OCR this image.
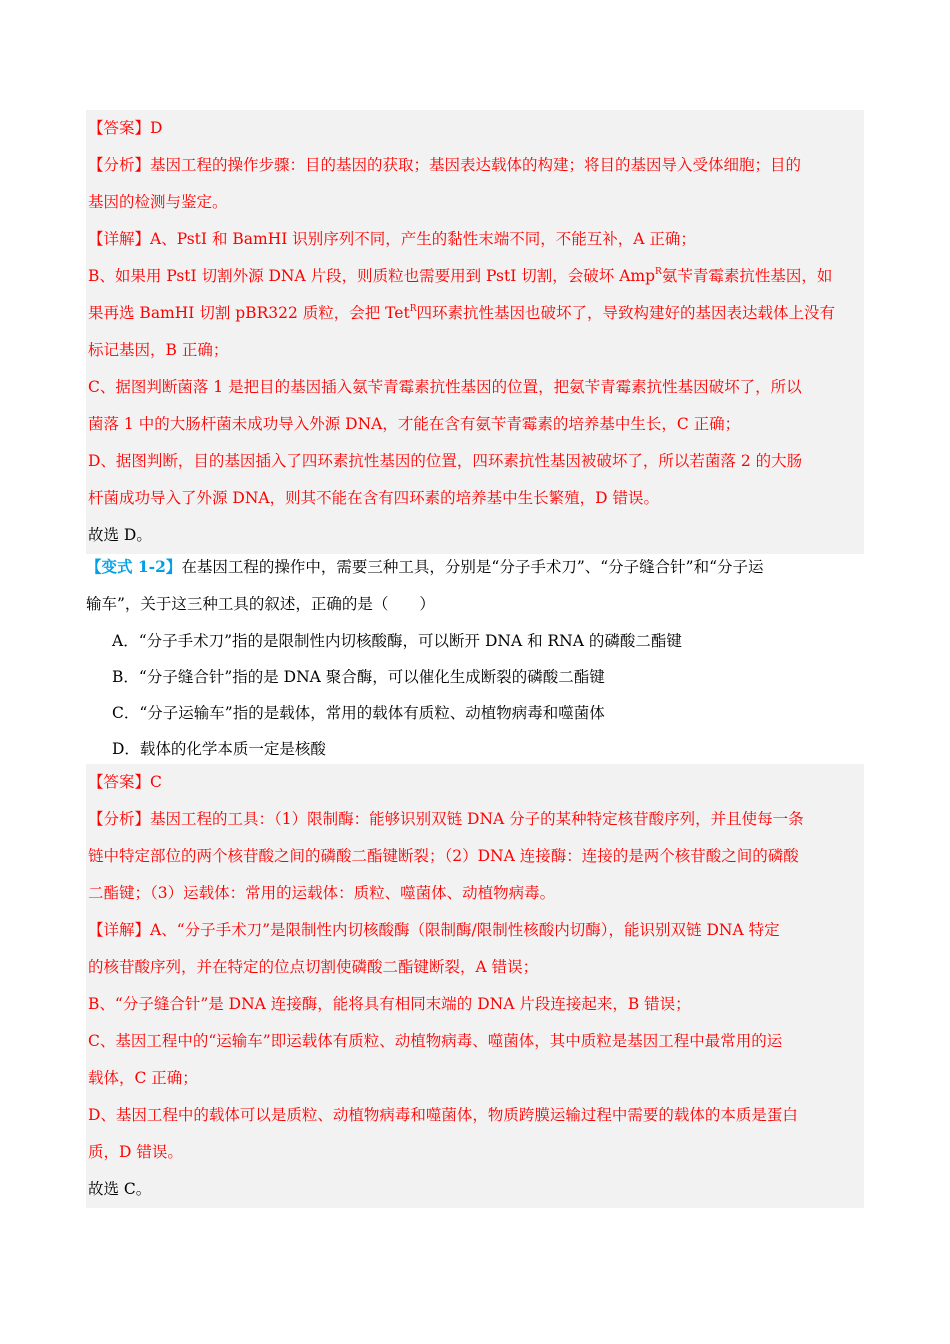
【答案】D
【分析】基因工程的操作步骤：目的基因的获取；基因表达载体的构建；将目的基因导入受体细胞；目的
基因的检测与鉴定。
【详解】A、PstI 和 BamHI 识别序列不同，产生的黏性末端不同，不能互补，A 正确；
B、如果用 PstI 切割外源 DNA 片段，则质粒也需要用到 PstI 切割，会破坏 Amp$^R$氨苄青霉素抗性基因，如
果再选 BamHI 切割 pBR322 质粒，会把 Tet$^R$四环素抗性基因也破坏了，导致构建好的基因表达载体上没有
标记基因，B 正确；
C、据图判断菌落 1 是把目的基因插入氨苄青霉素抗性基因的位置，把氨苄青霉素抗性基因破坏了，所以
菌落 1 中的大肠杆菌未成功导入外源 DNA，才能在含有氨苄青霉素的培养基中生长，C 正确；
D、据图判断，目的基因插入了四环素抗性基因的位置，四环素抗性基因被破坏了，所以若菌落 2 的大肠
杆菌成功导入了外源 DNA，则其不能在含有四环素的培养基中生长繁殖，D 错误。
故选 D。
【变式 1-2】在基因工程的操作中，需要三种工具，分别是“分子手术刀”、“分子缝合针”和“分子运
输车”，关于这三种工具的叙述，正确的是（　　）
A．“分子手术刀”指的是限制性内切核酸酶，可以断开 DNA 和 RNA 的磷酸二酯键
B．“分子缝合针”指的是 DNA 聚合酶，可以催化生成断裂的磷酸二酯键
C．“分子运输车”指的是载体，常用的载体有质粒、动植物病毒和噬菌体
D．载体的化学本质一定是核酸
【答案】C
【分析】基因工程的工具：（1）限制酶：能够识别双链 DNA 分子的某种特定核苷酸序列，并且使每一条
链中特定部位的两个核苷酸之间的磷酸二酯键断裂；（2）DNA 连接酶：连接的是两个核苷酸之间的磷酸
二酯键；（3）运载体：常用的运载体：质粒、噬菌体、动植物病毒。
【详解】A、“分子手术刀”是限制性内切核酸酶（限制酶/限制性核酸内切酶），能识别双链 DNA 特定
的核苷酸序列，并在特定的位点切割使磷酸二酯键断裂，A 错误；
B、“分子缝合针”是 DNA 连接酶，能将具有相同末端的 DNA 片段连接起来，B 错误；
C、基因工程中的“运输车”即运载体有质粒、动植物病毒、噬菌体，其中质粒是基因工程中最常用的运
载体，C 正确；
D、基因工程中的载体可以是质粒、动植物病毒和噬菌体，物质跨膜运输过程中需要的载体的本质是蛋白
质，D 错误。
故选 C。
